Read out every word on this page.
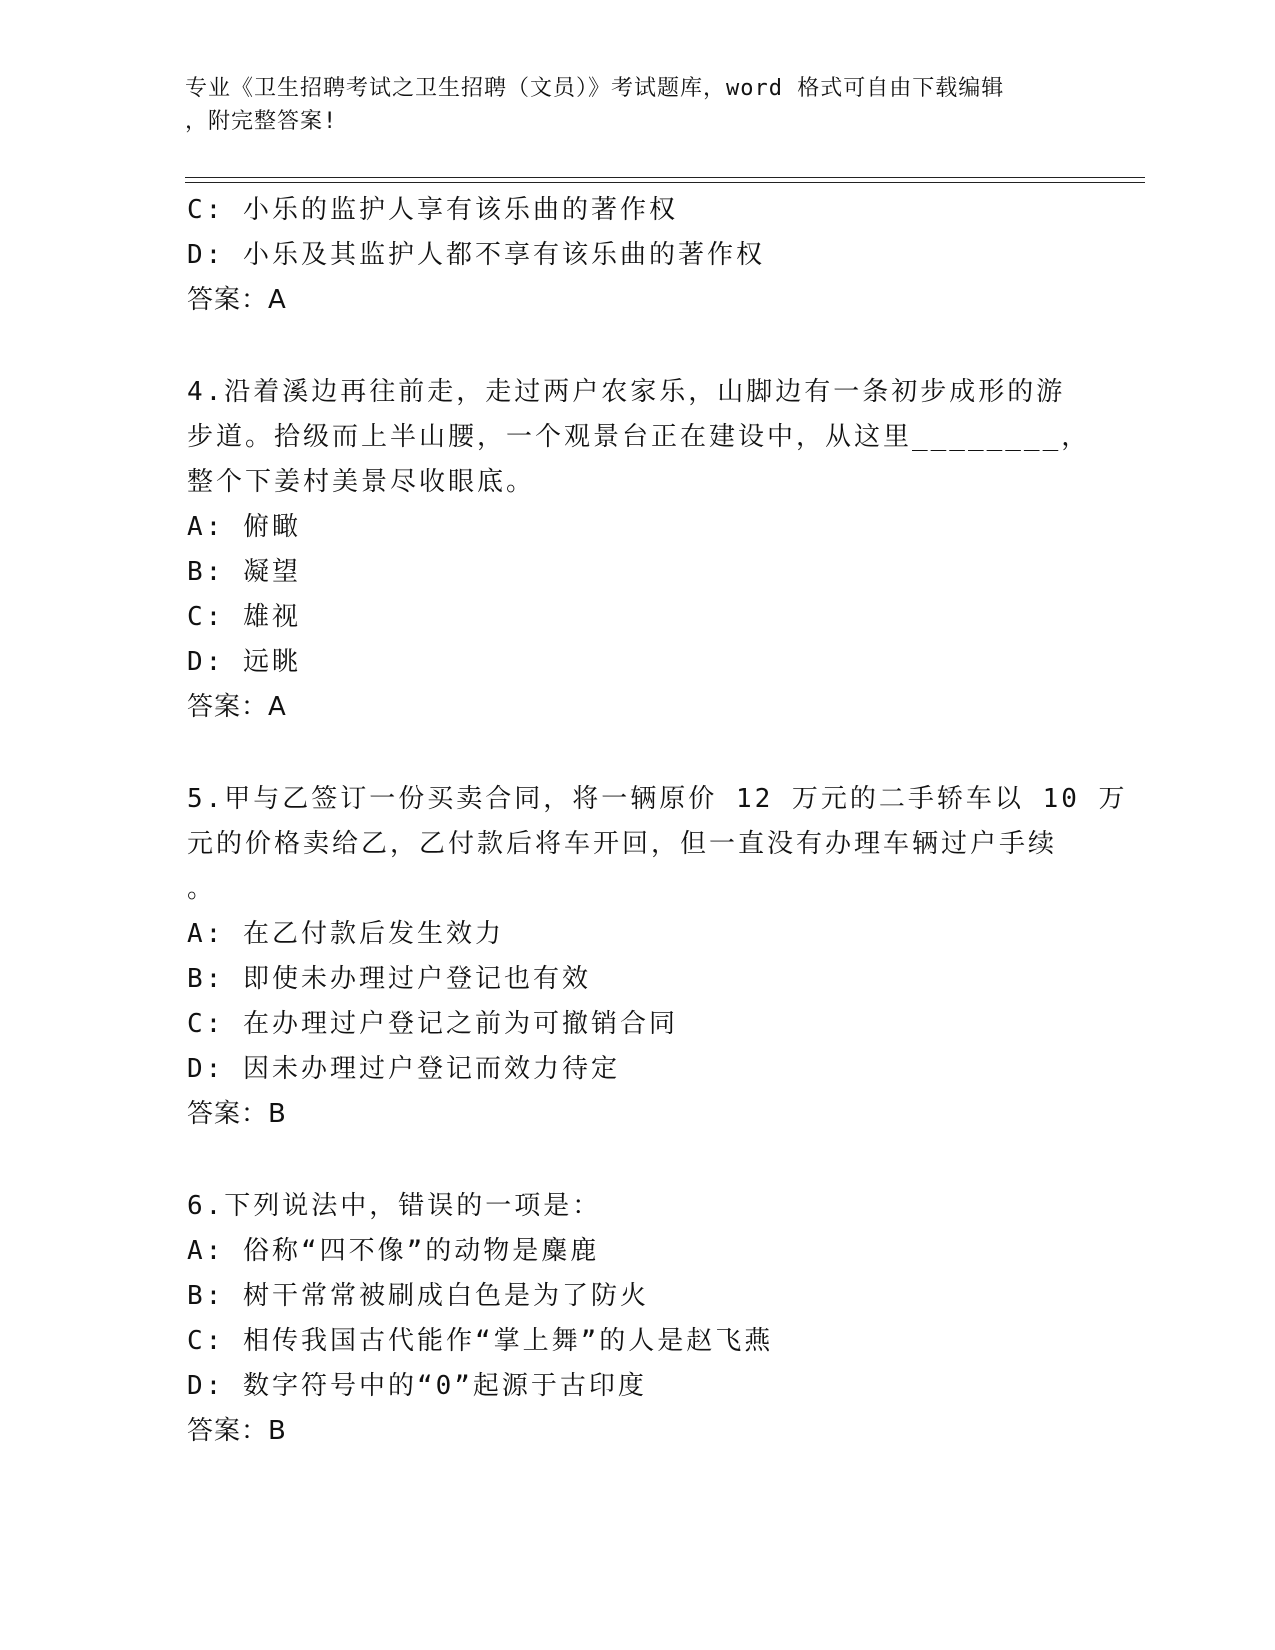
专业《卫生招聘考试之卫生招聘（文员）》考试题库，word 格式可自由下载编辑
，附完整答案!
C: 小乐的监护人享有该乐曲的著作权
D: 小乐及其监护人都不享有该乐曲的著作权
答案：A
4.沿着溪边再往前走，走过两户农家乐，山脚边有一条初步成形的游
步道。拾级而上半山腰，一个观景台正在建设中，从这里________，
整个下姜村美景尽收眼底。
A: 俯瞰
B: 凝望
C: 雄视
D: 远眺
答案：A
5.甲与乙签订一份买卖合同，将一辆原价 12 万元的二手轿车以 10 万
元的价格卖给乙，乙付款后将车开回，但一直没有办理车辆过户手续
。
A: 在乙付款后发生效力
B: 即使未办理过户登记也有效
C: 在办理过户登记之前为可撤销合同
D: 因未办理过户登记而效力待定
答案：B
6.下列说法中，错误的一项是：
A: 俗称“四不像”的动物是麋鹿
B: 树干常常被刷成白色是为了防火
C: 相传我国古代能作“掌上舞”的人是赵飞燕
D: 数字符号中的“0”起源于古印度
答案：B
